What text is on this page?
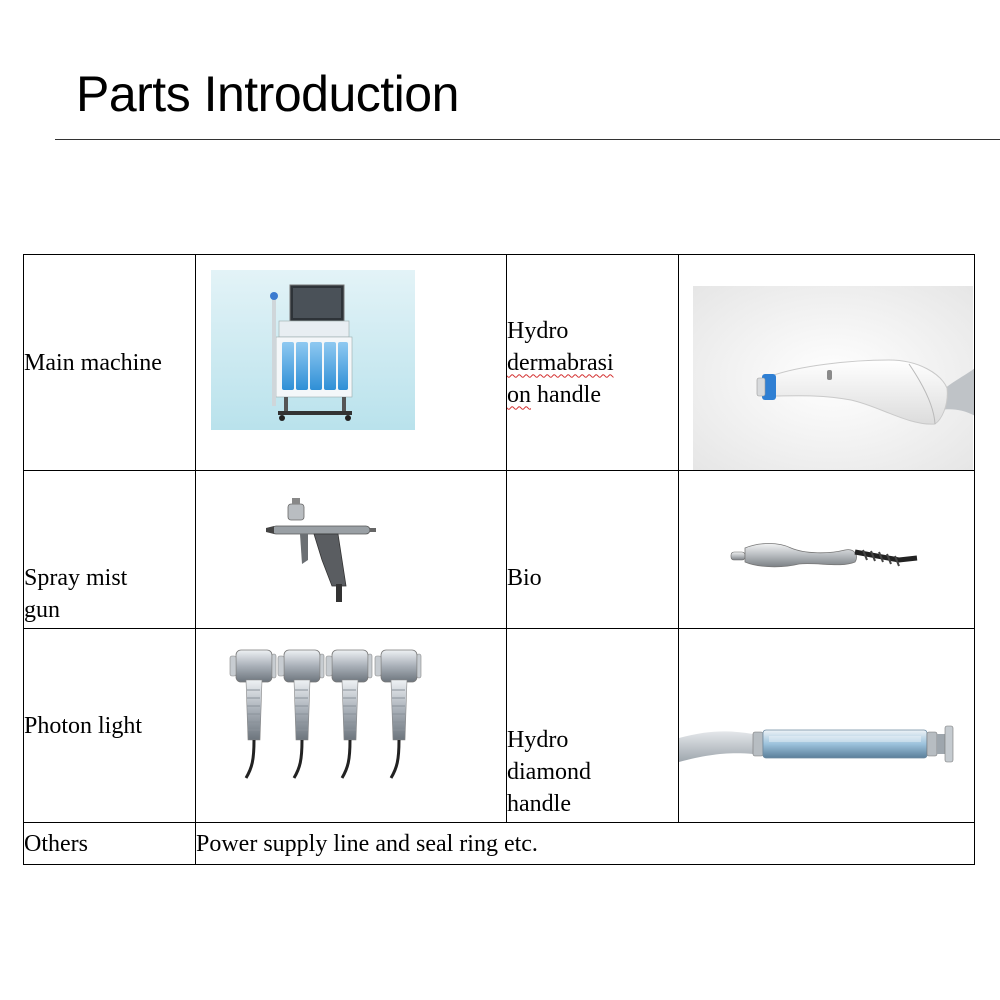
Parts Introduction
Main machine		Hydro
dermabrasi
on handle

Spray mist
gun		Bio	

Photon light		Hydro
diamond
handle

Others	Power supply line and seal ring etc.		
